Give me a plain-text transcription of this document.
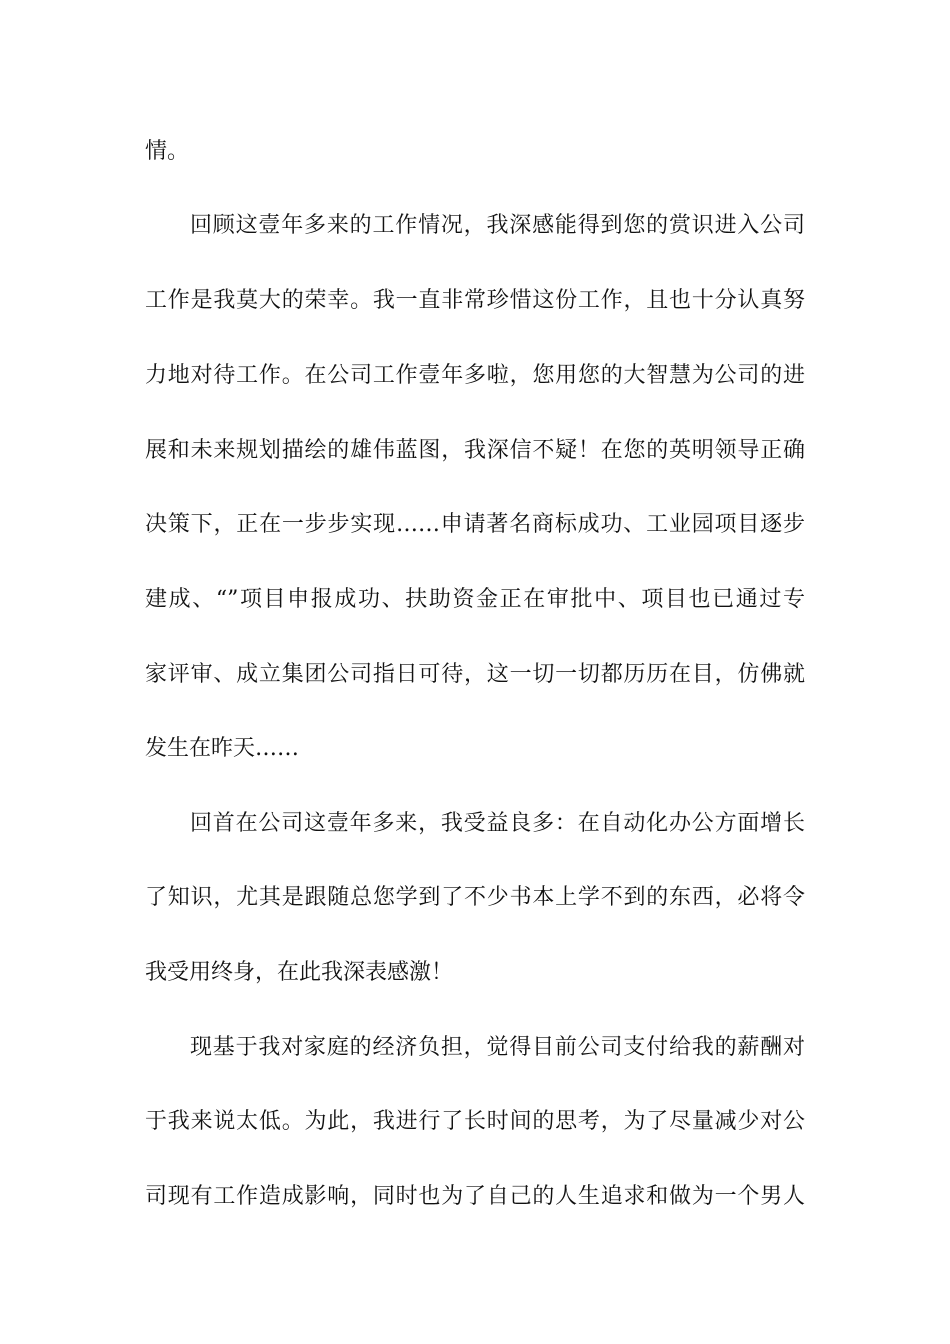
情。
回顾这壹年多来的工作情况，我深感能得到您的赏识进入公司
工作是我莫大的荣幸。我一直非常珍惜这份工作，且也十分认真努
力地对待工作。在公司工作壹年多啦，您用您的大智慧为公司的进
展和未来规划描绘的雄伟蓝图，我深信不疑！在您的英明领导正确
决策下，正在一步步实现……申请著名商标成功、工业园项目逐步
建成、“”项目申报成功、扶助资金正在审批中、项目也已通过专
家评审、成立集团公司指日可待，这一切一切都历历在目，仿佛就
发生在昨天……
回首在公司这壹年多来，我受益良多：在自动化办公方面增长
了知识，尤其是跟随总您学到了不少书本上学不到的东西，必将令
我受用终身，在此我深表感激！
现基于我对家庭的经济负担，觉得目前公司支付给我的薪酬对
于我来说太低。为此，我进行了长时间的思考，为了尽量减少对公
司现有工作造成影响，同时也为了自己的人生追求和做为一个男人
